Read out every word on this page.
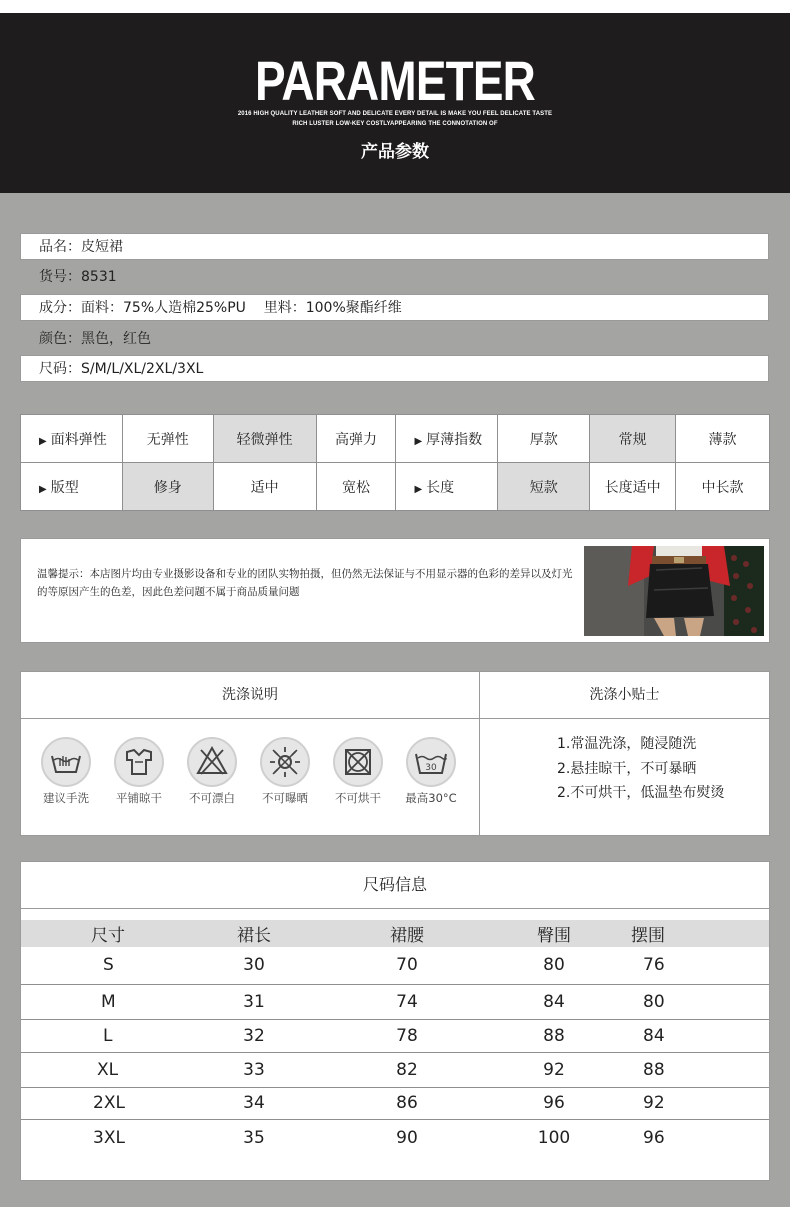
PARAMETER
2016 HIGH QUALITY LEATHER SOFT AND DELICATE EVERY DETAIL IS MAKE YOU FEEL DELICATE TASTE
RICH LUSTER LOW-KEY COSTLYAPPEARING THE CONNOTATION OF
产品参数
品名：皮短裙
货号：8531
成分：面料：75%人造棉25%PU    里料：100%聚酯纤维
颜色：黑色，红色
尺码：S/M/L/XL/2XL/3XL
▶ 面料弹性	无弹性	轻微弹性	高弹力	▶ 厚薄指数	厚款	常规	薄款
▶ 版型	修身	适中	宽松	▶ 长度	短款	长度适中	中长款
温馨提示：本店图片均由专业摄影设备和专业的团队实物拍摄，但仍然无法保证与不用显示器的色彩的差异以及灯光的等原因产生的色差，因此色差问题不属于商品质量问题
洗涤说明	洗涤小贴士
建议手洗	平铺晾干	不可漂白	不可曝晒	不可烘干
30
最高30°C
1.常温洗涤，随浸随洗
2.悬挂晾干，不可暴晒
2.不可烘干，低温垫布熨烫
尺码信息
尺寸	裙长	裙腰	臀围	摆围
S	30	70	80	76
M	31	74	84	80
L	32	78	88	84
XL	33	82	92	88
2XL	34	86	96	92
3XL	35	90	100	96
